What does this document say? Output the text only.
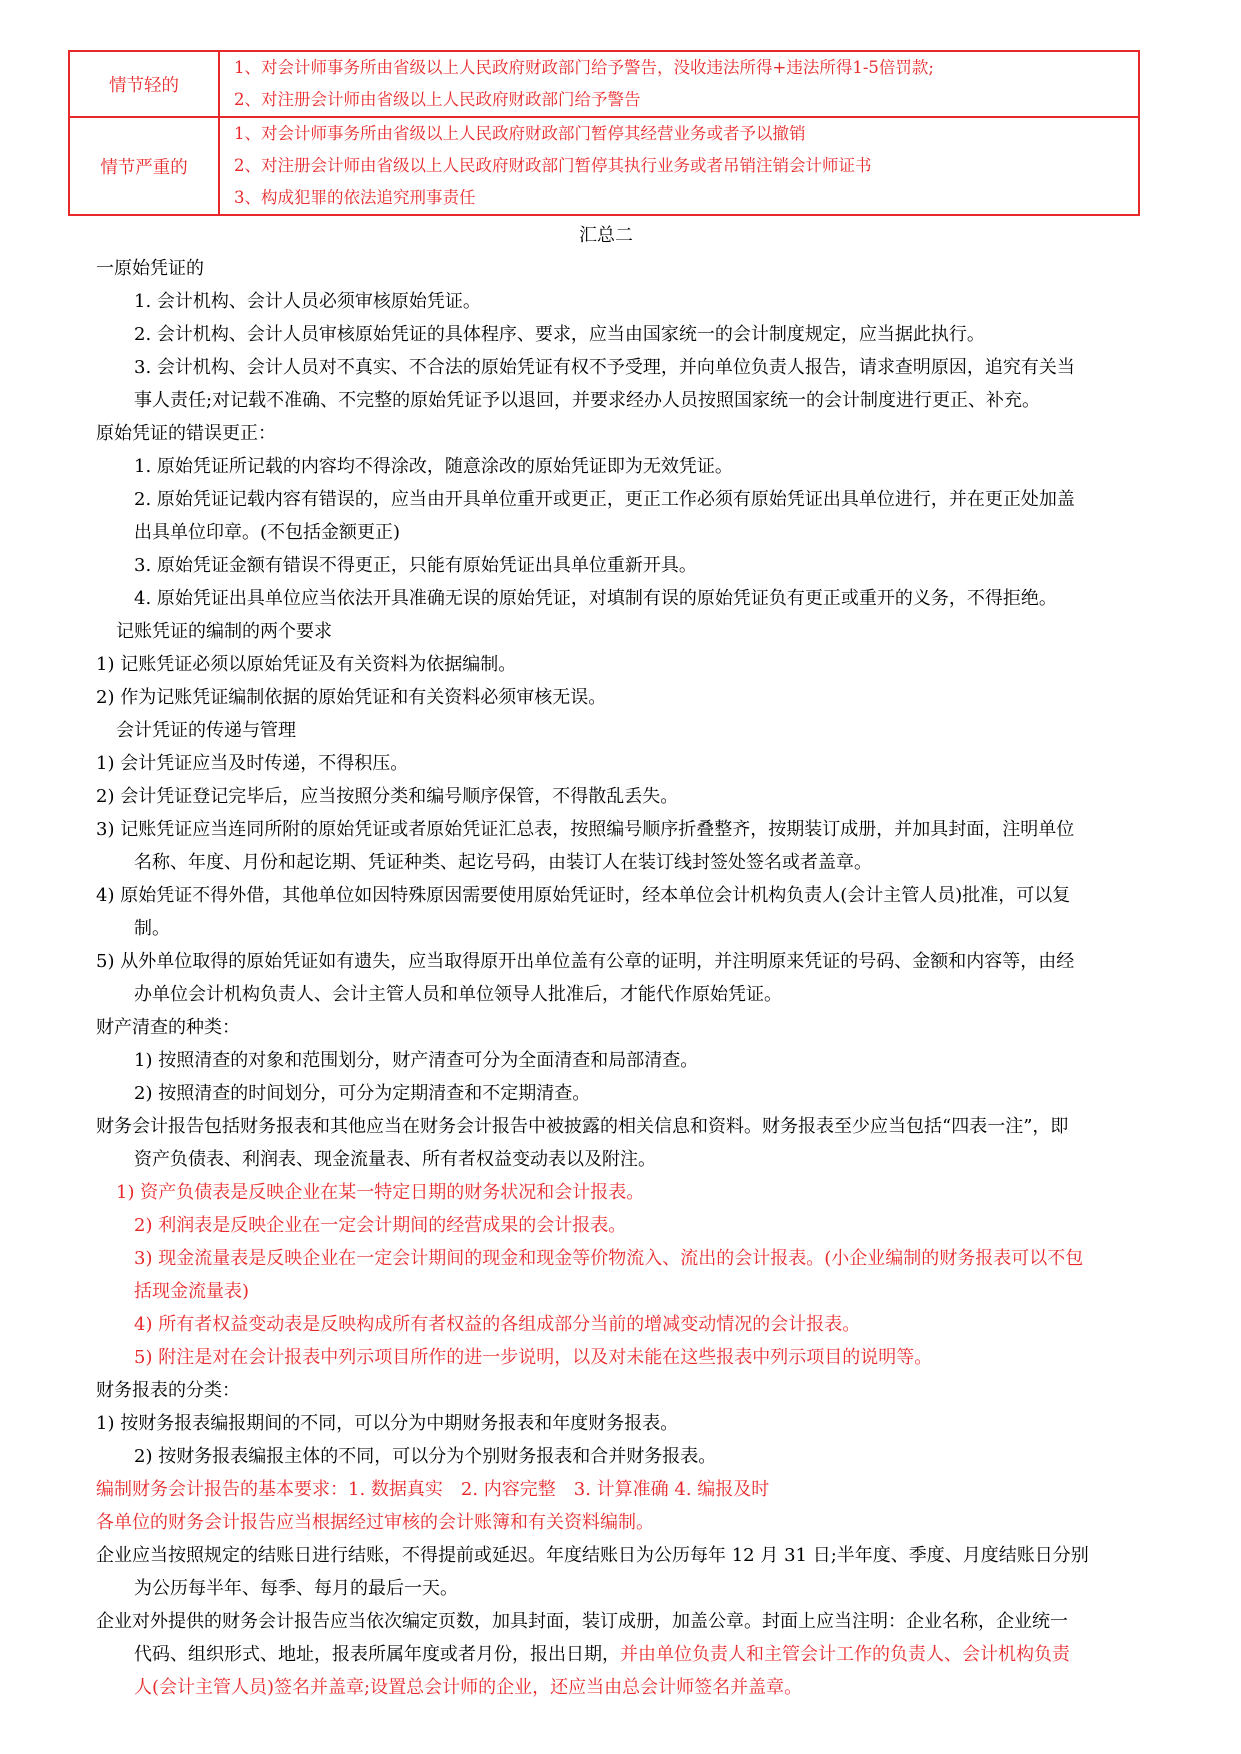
情节轻的	1、对会计师事务所由省级以上人民政府财政部门给予警告，没收违法所得+违法所得1-5倍罚款;
2、对注册会计师由省级以上人民政府财政部门给予警告

情节严重的	1、对会计师事务所由省级以上人民政府财政部门暂停其经营业务或者予以撤销
2、对注册会计师由省级以上人民政府财政部门暂停其执行业务或者吊销注销会计师证书
3、构成犯罪的依法追究刑事责任
汇总二
一原始凭证的
1. 会计机构、会计人员必须审核原始凭证。
2. 会计机构、会计人员审核原始凭证的具体程序、要求，应当由国家统一的会计制度规定，应当据此执行。
3. 会计机构、会计人员对不真实、不合法的原始凭证有权不予受理，并向单位负责人报告，请求查明原因，追究有关当
事人责任;对记载不准确、不完整的原始凭证予以退回，并要求经办人员按照国家统一的会计制度进行更正、补充。
原始凭证的错误更正：
1. 原始凭证所记载的内容均不得涂改，随意涂改的原始凭证即为无效凭证。
2. 原始凭证记载内容有错误的，应当由开具单位重开或更正，更正工作必须有原始凭证出具单位进行，并在更正处加盖
出具单位印章。(不包括金额更正)
3. 原始凭证金额有错误不得更正，只能有原始凭证出具单位重新开具。
4. 原始凭证出具单位应当依法开具准确无误的原始凭证，对填制有误的原始凭证负有更正或重开的义务，不得拒绝。
记账凭证的编制的两个要求
1) 记账凭证必须以原始凭证及有关资料为依据编制。
2) 作为记账凭证编制依据的原始凭证和有关资料必须审核无误。
会计凭证的传递与管理
1) 会计凭证应当及时传递，不得积压。
2) 会计凭证登记完毕后，应当按照分类和编号顺序保管，不得散乱丢失。
3) 记账凭证应当连同所附的原始凭证或者原始凭证汇总表，按照编号顺序折叠整齐，按期装订成册，并加具封面，注明单位
名称、年度、月份和起讫期、凭证种类、起讫号码，由装订人在装订线封签处签名或者盖章。
4) 原始凭证不得外借，其他单位如因特殊原因需要使用原始凭证时，经本单位会计机构负责人(会计主管人员)批准，可以复
制。
5) 从外单位取得的原始凭证如有遗失，应当取得原开出单位盖有公章的证明，并注明原来凭证的号码、金额和内容等，由经
办单位会计机构负责人、会计主管人员和单位领导人批准后，才能代作原始凭证。
财产清查的种类：
1) 按照清查的对象和范围划分，财产清查可分为全面清查和局部清查。
2) 按照清查的时间划分，可分为定期清查和不定期清查。
财务会计报告包括财务报表和其他应当在财务会计报告中被披露的相关信息和资料。财务报表至少应当包括“四表一注”，即
资产负债表、利润表、现金流量表、所有者权益变动表以及附注。
1) 资产负债表是反映企业在某一特定日期的财务状况和会计报表。
2) 利润表是反映企业在一定会计期间的经营成果的会计报表。
3) 现金流量表是反映企业在一定会计期间的现金和现金等价物流入、流出的会计报表。(小企业编制的财务报表可以不包
括现金流量表)
4) 所有者权益变动表是反映构成所有者权益的各组成部分当前的增减变动情况的会计报表。
5) 附注是对在会计报表中列示项目所作的进一步说明，以及对未能在这些报表中列示项目的说明等。
财务报表的分类：
1) 按财务报表编报期间的不同，可以分为中期财务报表和年度财务报表。
2) 按财务报表编报主体的不同，可以分为个别财务报表和合并财务报表。
编制财务会计报告的基本要求：1. 数据真实　2. 内容完整　3. 计算准确 4. 编报及时
各单位的财务会计报告应当根据经过审核的会计账簿和有关资料编制。
企业应当按照规定的结账日进行结账，不得提前或延迟。年度结账日为公历每年 12 月 31 日;半年度、季度、月度结账日分别
为公历每半年、每季、每月的最后一天。
企业对外提供的财务会计报告应当依次编定页数，加具封面，装订成册，加盖公章。封面上应当注明：企业名称，企业统一
代码、组织形式、地址，报表所属年度或者月份，报出日期，并由单位负责人和主管会计工作的负责人、会计机构负责
人(会计主管人员)签名并盖章;设置总会计师的企业，还应当由总会计师签名并盖章。
